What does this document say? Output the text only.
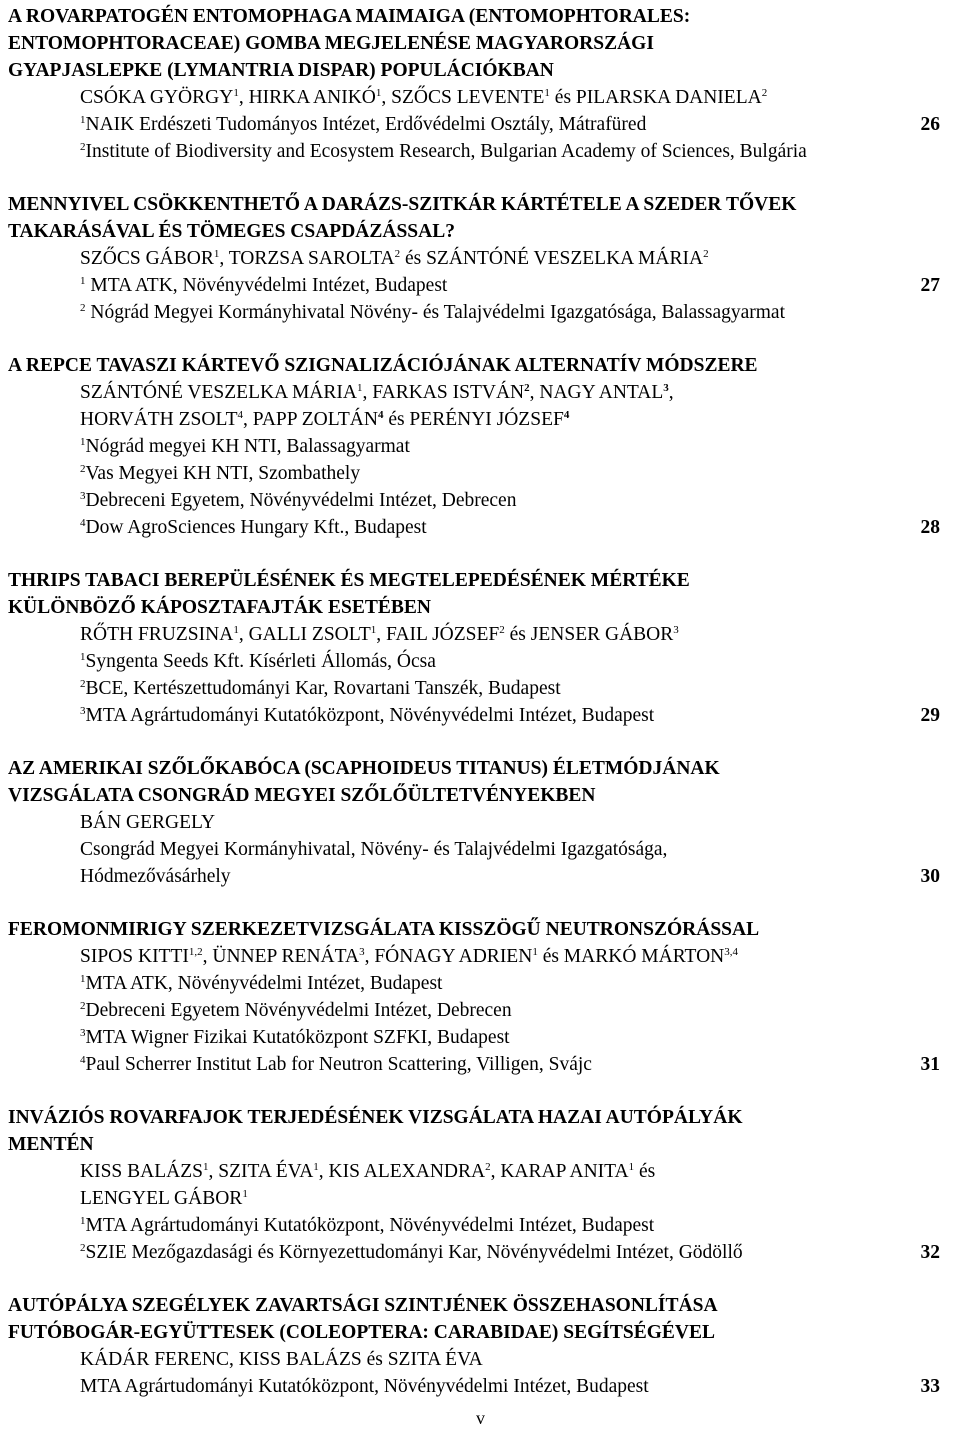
A ROVARPATOGÉN ENTOMOPHAGA MAIMAIGA (ENTOMOPHTORALES:
ENTOMOPHTORACEAE) GOMBA MEGJELENÉSE MAGYARORSZÁGI
GYAPJASLEPKE (LYMANTRIA DISPAR) POPULÁCIÓKBAN
CSÓKA GYÖRGY$^1$, HIRKA ANIKÓ$^1$, SZŐCS LEVENTE$^1$ és PILARSKA DANIELA$^2$
$^1$NAIK Erdészeti Tudományos Intézet, Erdővédelmi Osztály, Mátrafüred	26
$^2$Institute of Biodiversity and Ecosystem Research, Bulgarian Academy of Sciences, Bulgária
MENNYIVEL CSÖKKENTHETŐ A DARÁZS-SZITKÁR KÁRTÉTELE A SZEDER TŐVEK
TAKARÁSÁVAL ÉS TÖMEGES CSAPDÁZÁSSAL?
SZŐCS GÁBOR$^1$, TORZSA SAROLTA$^2$ és SZÁNTÓNÉ VESZELKA MÁRIA$^2$
$^1$ MTA ATK, Növényvédelmi Intézet, Budapest	27
$^2$ Nógrád Megyei Kormányhivatal Növény- és Talajvédelmi Igazgatósága, Balassagyarmat
A REPCE TAVASZI KÁRTEVŐ SZIGNALIZÁCIÓJÁNAK ALTERNATÍV MÓDSZERE
SZÁNTÓNÉ VESZELKA MÁRIA$^1$, FARKAS ISTVÁN$^2$, NAGY ANTAL$^3$,
HORVÁTH ZSOLT$^4$, PAPP ZOLTÁN$^4$ és PERÉNYI JÓZSEF$^4$
$^1$Nógrád megyei KH NTI, Balassagyarmat
$^2$Vas Megyei KH NTI, Szombathely
$^3$Debreceni Egyetem, Növényvédelmi Intézet, Debrecen
$^4$Dow AgroSciences Hungary Kft., Budapest	28
THRIPS TABACI BEREPÜLÉSÉNEK ÉS MEGTELEPEDÉSÉNEK MÉRTÉKE
KÜLÖNBÖZŐ KÁPOSZTAFAJTÁK ESETÉBEN
RŐTH FRUZSINA$^1$, GALLI ZSOLT$^1$, FAIL JÓZSEF$^2$ és JENSER GÁBOR$^3$
$^1$Syngenta Seeds Kft. Kísérleti Állomás, Ócsa
$^2$BCE, Kertészettudományi Kar, Rovartani Tanszék, Budapest
$^3$MTA Agrártudományi Kutatóközpont, Növényvédelmi Intézet, Budapest	29
AZ AMERIKAI SZŐLŐKABÓCA (SCAPHOIDEUS TITANUS) ÉLETMÓDJÁNAK
VIZSGÁLATA CSONGRÁD MEGYEI SZŐLŐÜLTETVÉNYEKBEN
BÁN GERGELY
Csongrád Megyei Kormányhivatal, Növény- és Talajvédelmi Igazgatósága,
Hódmezővásárhely	30
FEROMONMIRIGY SZERKEZETVIZSGÁLATA KISSZÖGŰ NEUTRONSZÓRÁSSAL
SIPOS KITTI$^{1,2}$, ÜNNEP RENÁTA$^3$, FÓNAGY ADRIEN$^1$ és MARKÓ MÁRTON$^{3,4}$
$^1$MTA ATK, Növényvédelmi Intézet, Budapest
$^2$Debreceni Egyetem Növényvédelmi Intézet, Debrecen
$^3$MTA Wigner Fizikai Kutatóközpont SZFKI, Budapest
$^4$Paul Scherrer Institut Lab for Neutron Scattering, Villigen, Svájc	31
INVÁZIÓS ROVARFAJOK TERJEDÉSÉNEK VIZSGÁLATA HAZAI AUTÓPÁLYÁK
MENTÉN
KISS BALÁZS$^1$, SZITA ÉVA$^1$, KIS ALEXANDRA$^2$, KARAP ANITA$^1$ és
LENGYEL GÁBOR$^1$
$^1$MTA Agrártudományi Kutatóközpont, Növényvédelmi Intézet, Budapest
$^2$SZIE Mezőgazdasági és Környezettudományi Kar, Növényvédelmi Intézet, Gödöllő	32
AUTÓPÁLYA SZEGÉLYEK ZAVARTSÁGI SZINTJÉNEK ÖSSZEHASONLÍTÁSA
FUTÓBOGÁR-EGYÜTTESEK (COLEOPTERA: CARABIDAE) SEGÍTSÉGÉVEL
KÁDÁR FERENC, KISS BALÁZS és SZITA ÉVA
MTA Agrártudományi Kutatóközpont, Növényvédelmi Intézet, Budapest	33
v
